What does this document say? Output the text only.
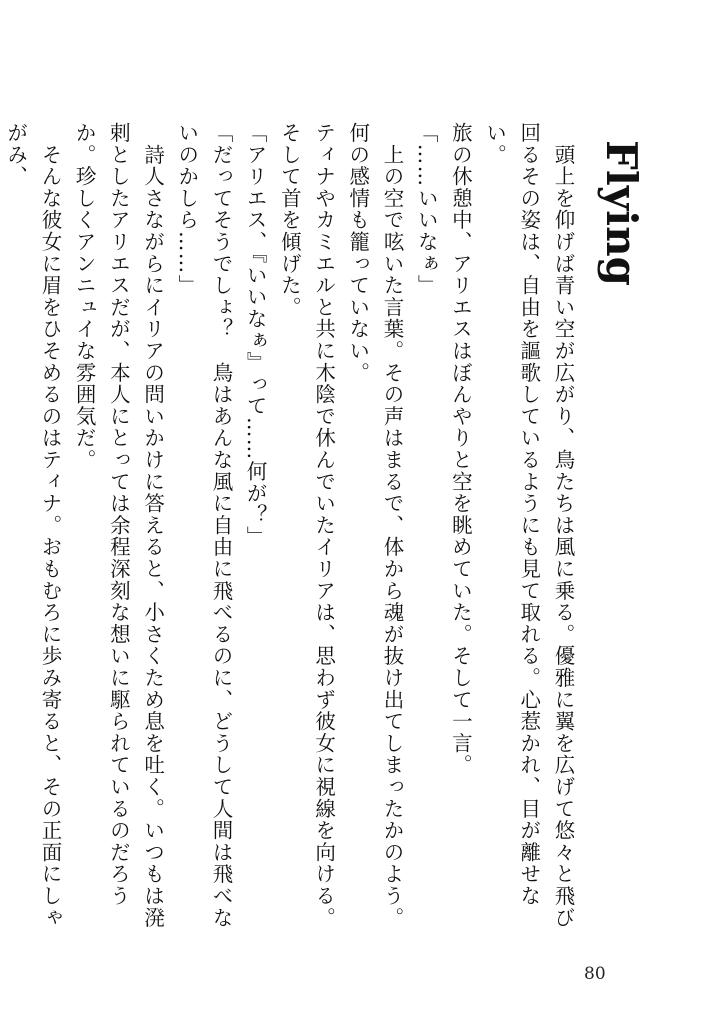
Flying

　頭上を仰げば青い空が広がり、鳥たちは風に乗る。優雅に翼を広げて悠々と飛び回るその姿は、自由を謳歌しているようにも見て取れる。心惹かれ、目が離せない。

旅の休憩中、アリエスはぼんやりと空を眺めていた。そして一言。

「……いいなぁ」

　上の空で呟いた言葉。その声はまるで、体から魂が抜け出てしまったかのよう。何の感情も籠っていない。

ティナやカミエルと共に木陰で休んでいたイリアは、思わず彼女に視線を向ける。そして首を傾げた。

「アリエス、『いいなぁ』って……何が？」

「だってそうでしょ？　鳥はあんな風に自由に飛べるのに、どうして人間は飛べないのかしら……」

　詩人さながらにイリアの問いかけに答えると、小さくため息を吐く。いつもは溌剌としたアリエスだが、本人にとっては余程深刻な想いに駆られているのだろうか。珍しくアンニュイな雰囲気だ。

　そんな彼女に眉をひそめるのはティナ。おもむろに歩み寄ると、その正面にしゃがみ、

80
